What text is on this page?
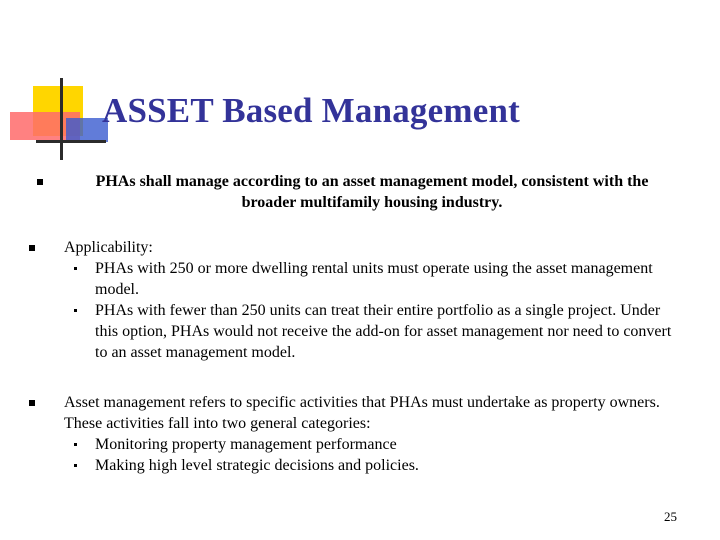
ASSET Based Management
PHAs shall manage according to an asset management model, consistent with the broader multifamily housing industry.
Applicability:
PHAs with 250 or more dwelling rental units must operate using the asset management model.
PHAs with fewer than 250 units can treat their entire portfolio as a single project. Under this option, PHAs would not receive the add-on for asset management nor need to convert to an asset management model.
Asset management refers to specific activities that PHAs must undertake as property owners. These activities fall into two general categories:
Monitoring property management performance
Making high level strategic decisions and policies.
25
